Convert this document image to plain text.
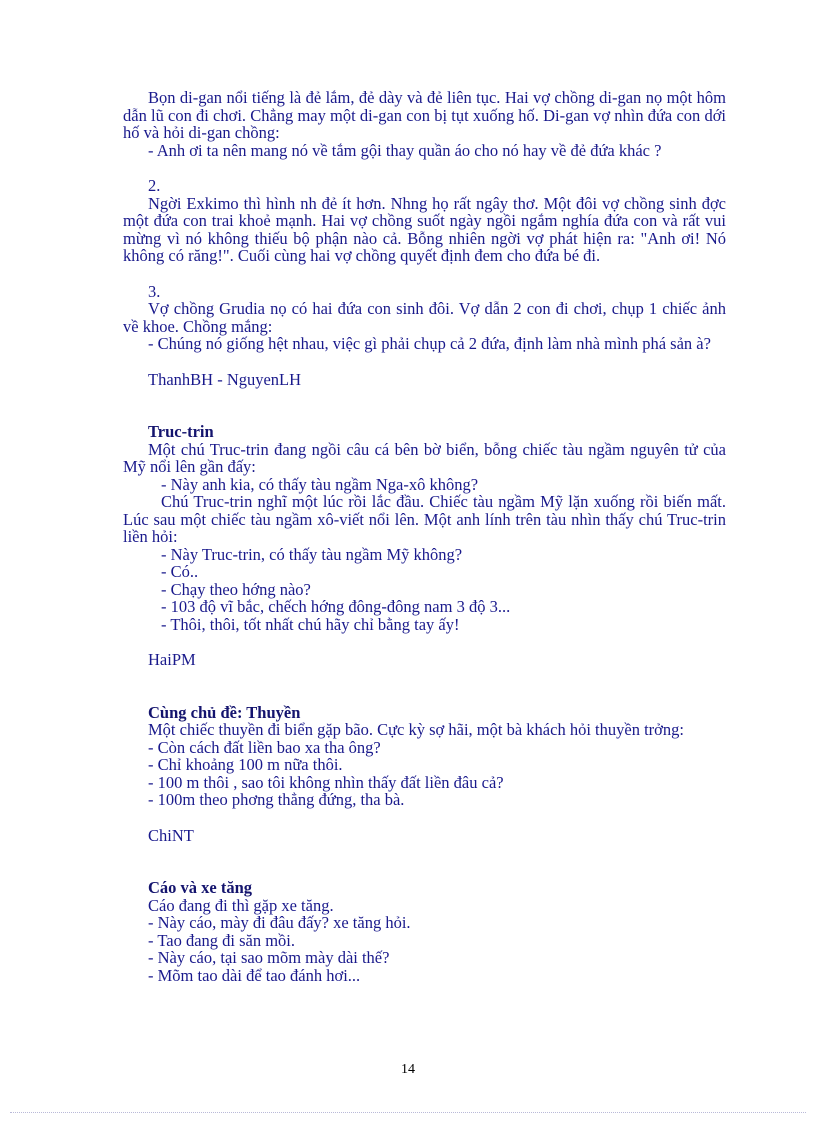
Bọn di-gan nổi tiếng là đẻ lắm, đẻ dày và đẻ liên tục. Hai vợ chồng di-gan nọ một hôm dẫn lũ con đi chơi. Chẳng may một di-gan con bị tụt xuống hố. Di-gan vợ nhìn đứa con dới hố và hỏi di-gan chồng:

- Anh ơi ta nên mang nó về tắm gội thay quần áo cho nó hay về đẻ đứa khác ?

2.

Ngời Exkimo thì hình nh đẻ ít hơn. Nhng họ rất ngây thơ. Một đôi vợ chồng sinh đợc một đứa con trai khoẻ mạnh. Hai vợ chồng suốt ngày ngồi ngắm nghía đứa con và rất vui mừng vì nó không thiếu bộ phận nào cả. Bỗng nhiên ngời vợ phát hiện ra: "Anh ơi! Nó không có răng!". Cuối cùng hai vợ chồng quyết định đem cho đứa bé đi.

3.

Vợ chồng Grudia nọ có hai đứa con sinh đôi. Vợ dẫn 2 con đi chơi, chụp 1 chiếc ảnh về khoe. Chồng mắng:

- Chúng nó giống hệt nhau, việc gì phải chụp cả 2 đứa, định làm nhà mình phá sản à?

ThanhBH - NguyenLH

Truc-trin

Một chú Truc-trin đang ngồi câu cá bên bờ biển, bỗng chiếc tàu ngầm nguyên tử của Mỹ nổi lên gần đấy:

- Này anh kia, có thấy tàu ngầm Nga-xô không?

Chú Truc-trin nghĩ một lúc rồi lắc đầu. Chiếc tàu ngầm Mỹ lặn xuống rồi biến mất. Lúc sau một chiếc tàu ngầm xô-viết nổi lên. Một anh lính trên tàu nhìn thấy chú Truc-trin liền hỏi:

- Này Truc-trin, có thấy tàu ngầm Mỹ không?

- Có..

- Chạy theo hớng nào?

- 103 độ vĩ bắc, chếch hớng đông-đông nam 3 độ 3...

- Thôi, thôi, tốt nhất chú hãy chỉ bằng tay ấy!

HaiPM

Cùng chủ đề: Thuyền

Một chiếc thuyền đi biển gặp bão. Cực kỳ sợ hãi, một bà khách hỏi thuyền trởng:

- Còn cách đất liền bao xa tha ông?

- Chỉ khoảng 100 m nữa thôi.

- 100 m thôi , sao tôi không nhìn thấy đất liền đâu cả?

- 100m theo phơng thẳng đứng, tha bà.

ChiNT

Cáo và xe tăng

Cáo đang đi thì gặp xe tăng.

- Này cáo, mày đi đâu đấy? xe tăng hỏi.

- Tao đang đi săn mồi.

- Này cáo, tại sao mõm mày dài thế?

- Mõm tao dài để tao đánh hơi...

14
